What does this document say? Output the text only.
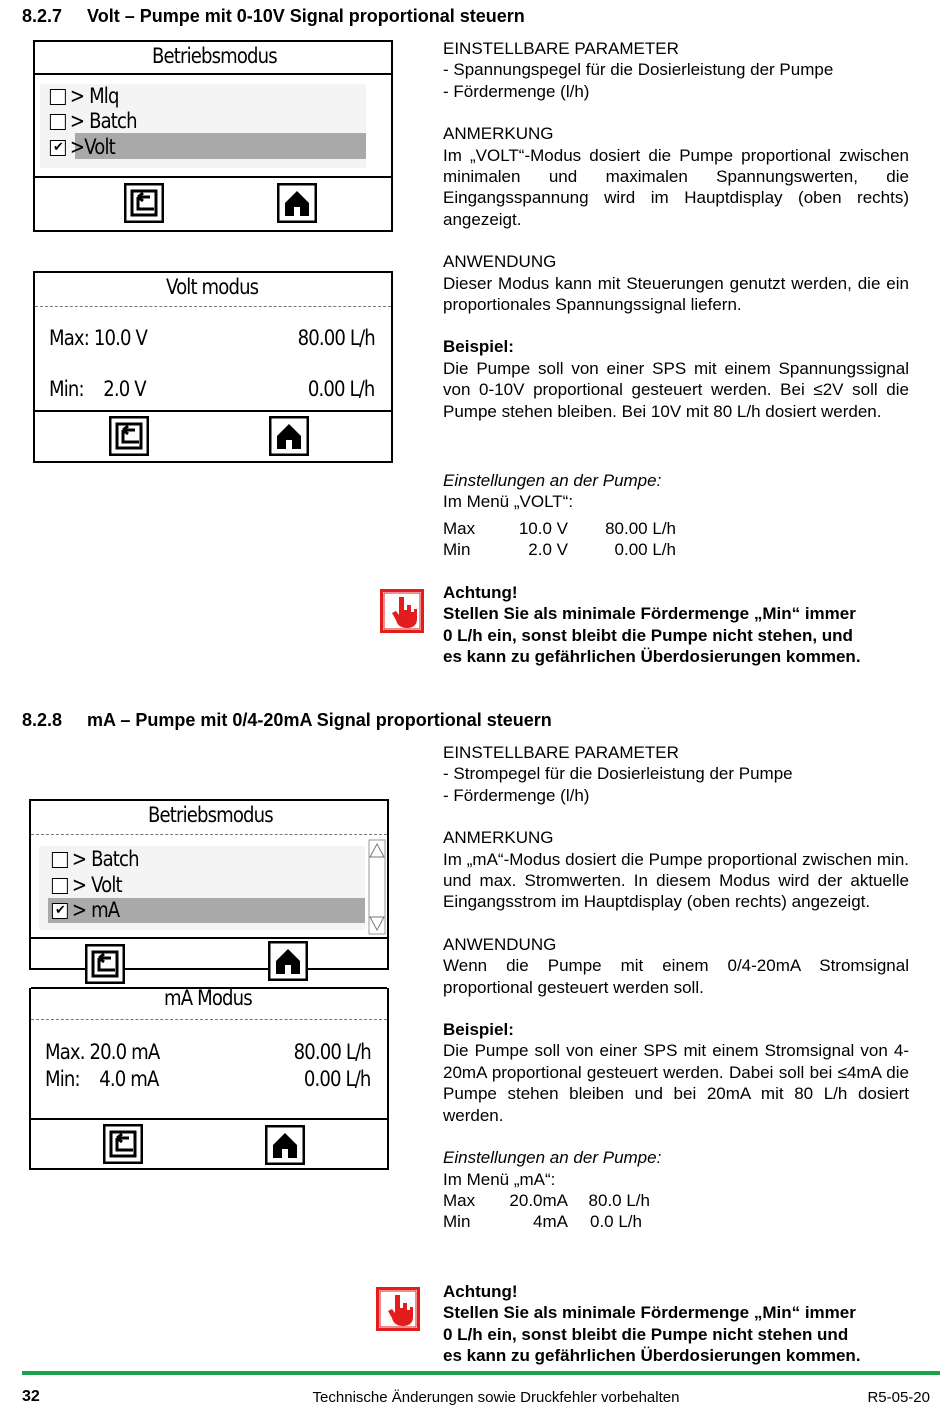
8.2.7     Volt – Pumpe mit 0-10V Signal proportional steuern
Betriebsmodus
> Mlq
> Batch
✔ >Volt
Volt modus
Max: 10.0 V	80.00 L/h
Min:    2.0 V	0.00 L/h

EINSTELLBARE PARAMETER

- Spannungspegel für die Dosierleistung der Pumpe

- Fördermenge (l/h)

ANMERKUNG

Im „VOLT“-Modus dosiert die Pumpe proportional zwischen minimalen und maximalen Spannungswerten, die Eingangsspannung wird im Hauptdisplay (oben rechts) angezeigt.

ANWENDUNG

Dieser Modus kann mit Steuerungen genutzt werden, die ein proportionales Spannungssignal liefern.

Beispiel:

Die Pumpe soll von einer SPS mit einem Spannungssignal von 0-10V proportional gesteuert werden. Bei ≤2V soll die Pumpe stehen bleiben. Bei 10V mit 80 L/h dosiert werden.

Einstellungen an der Pumpe:

Im Menü „VOLT“:

Max	10.0 V	80.00 L/h
Min	2.0 V	0.00 L/h

Achtung!

Stellen Sie als minimale Fördermenge „Min“ immer

0 L/h ein, sonst bleibt die Pumpe nicht stehen, und

es kann zu gefährlichen Überdosierungen kommen.

8.2.8     mA – Pumpe mit 0/4-20mA Signal proportional steuern
Betriebsmodus
> Batch
> Volt
✔ > mA
mA Modus
Max. 20.0 mA	80.00 L/h
Min:    4.0 mA	0.00 L/h

EINSTELLBARE PARAMETER

- Strompegel für die Dosierleistung der Pumpe

- Fördermenge (l/h)

ANMERKUNG

Im „mA“-Modus dosiert die Pumpe proportional zwischen min. und max. Stromwerten. In diesem Modus wird der aktuelle Eingangsstrom im Hauptdisplay (oben rechts) angezeigt.

ANWENDUNG

Wenn die Pumpe mit einem 0/4-20mA Stromsignal proportional gesteuert werden soll.

Beispiel:

Die Pumpe soll von einer SPS mit einem Stromsignal von 4-20mA proportional gesteuert werden. Dabei soll bei ≤4mA die Pumpe stehen bleiben und bei 20mA mit 80 L/h dosiert werden.

Einstellungen an der Pumpe:

Im Menü „mA“:

Max	20.0mA	80.0 L/h
Min	4mA	0.0 L/h

Achtung!

Stellen Sie als minimale Fördermenge „Min“ immer

0 L/h ein, sonst bleibt die Pumpe nicht stehen und

es kann zu gefährlichen Überdosierungen kommen.

32	Technische Änderungen sowie Druckfehler vorbehalten	R5-05-20
